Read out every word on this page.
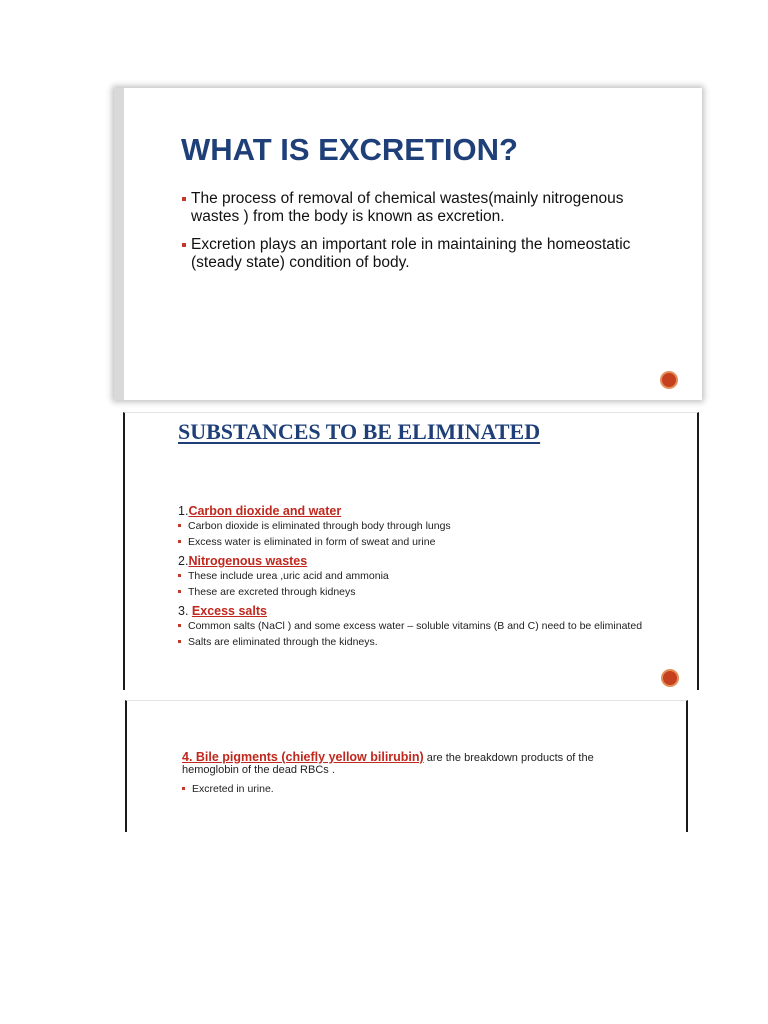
WHAT IS EXCRETION?
The process of removal of chemical wastes(mainly nitrogenous wastes ) from the body is known as excretion.
Excretion plays an important role in maintaining the homeostatic (steady state) condition of body.
SUBSTANCES TO BE ELIMINATED
1.Carbon dioxide and water
Carbon dioxide is eliminated through body through lungs
Excess water is eliminated in form of sweat and urine
2.Nitrogenous wastes
These include urea ,uric acid and ammonia
These are excreted through kidneys
3. Excess salts
Common salts (NaCl ) and some excess water – soluble vitamins (B and C) need to be eliminated
Salts are eliminated through the kidneys.
4. Bile pigments (chiefly yellow bilirubin) are the breakdown products of the hemoglobin of the dead RBCs .
Excreted in urine.
